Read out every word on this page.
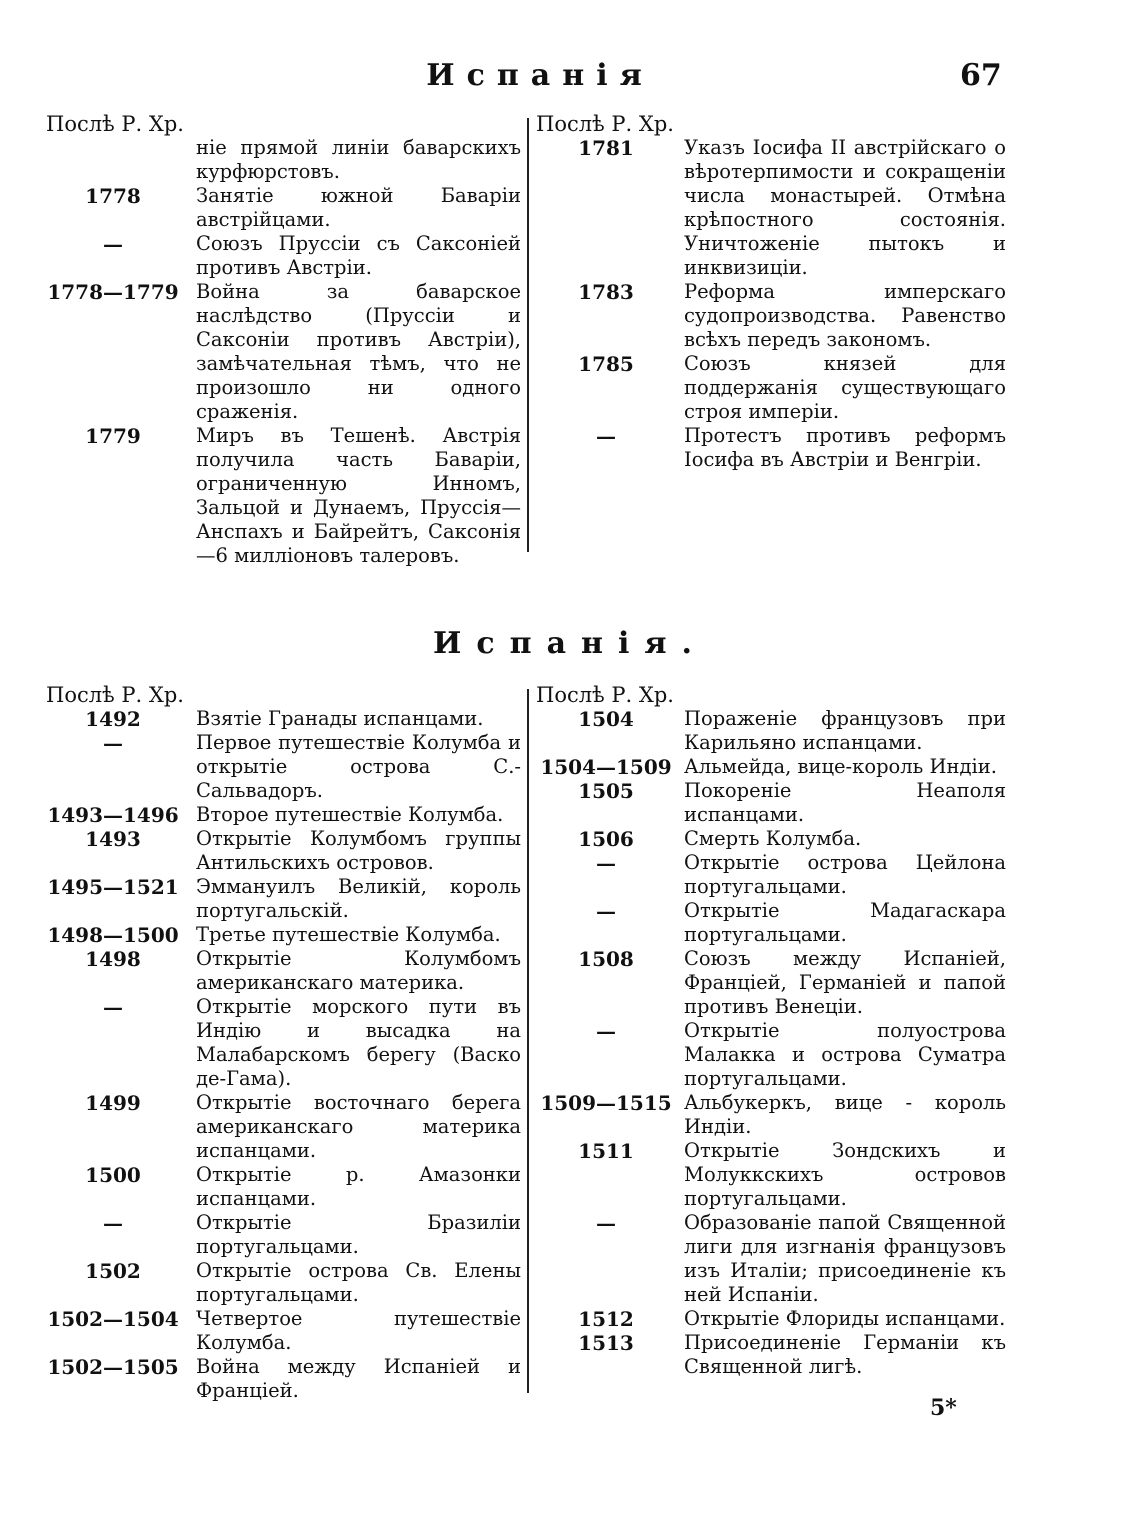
Испанія	67
Послѣ Р. Хр.
ніе прямой линіи баварскихъ курфюрстовъ.
1778	Занятіе южной Баваріи австрійцами.
—	Союзъ Пруссіи съ Саксоніей противъ Австріи.
1778—1779 Война за баварское наслѣдство (Пруссіи и Саксоніи противъ Австріи), замѣчательная тѣмъ, что не произошло ни одного сраженія.
1779	Миръ въ Тешенѣ. Австрія получила часть Баваріи, ограниченную Инномъ, Зальцой и Дунаемъ, Пруссія—Анспахъ и Байрейтъ, Саксонія—6 милліоновъ талеровъ.
Послѣ Р. Хр.
1781	Указъ Іосифа II австрійскаго о вѣротерпимости и сокращеніи числа монастырей. Отмѣна крѣпостного состоянія. Уничтоженіе пытокъ и инквизиціи.
1783	Реформа имперскаго судопроизводства. Равенство всѣхъ передъ закономъ.
1785	Союзъ князей для поддержанія существующаго строя имперіи.
—	Протестъ противъ реформъ Іосифа въ Австріи и Венгріи.
Испанія.
Послѣ Р. Хр.
1492	Взятіе Гранады испанцами.
—	Первое путешествіе Колумба и открытіе острова С.-Сальвадоръ.
1493—1496 Второе путешествіе Колумба.
1493	Открытіе Колумбомъ группы Антильскихъ островов.
1495—1521 Эммануилъ Великій, король португальскій.
1498—1500 Третье путешествіе Колумба.
1498	Открытіе Колумбомъ американскаго материка.
—	Открытіе морского пути въ Индію и высадка на Малабарскомъ берегу (Васко де-Гама).
1499	Открытіе восточнаго берега американскаго материка испанцами.
1500	Открытіе р. Амазонки испанцами.
—	Открытіе Бразиліи португальцами.
1502	Открытіе острова Св. Елены португальцами.
1502—1504 Четвертое путешествіе Колумба.
1502—1505 Война между Испаніей и Франціей.
Послѣ Р. Хр.
1504	Пораженіе французовъ при Карильяно испанцами.
1504—1509 Альмейда, вице-король Индіи.
1505	Покореніе Неаполя испанцами.
1506	Смерть Колумба.
—	Открытіе острова Цейлона португальцами.
—	Открытіе Мадагаскара португальцами.
1508	Союзъ между Испаніей, Франціей, Германіей и папой противъ Венеціи.
—	Открытіе полуострова Малакка и острова Суматра португальцами.
1509—1515 Альбукеркъ, вице - король Индіи.
1511	Открытіе Зондскихъ и Молуккскихъ островов португальцами.
—	Образованіе папой Священной лиги для изгнанія французовъ изъ Италіи; присоединеніе къ ней Испаніи.
1512	Открытіе Флориды испанцами.
1513	Присоединеніе Германіи къ Священной лигѣ.
5*
